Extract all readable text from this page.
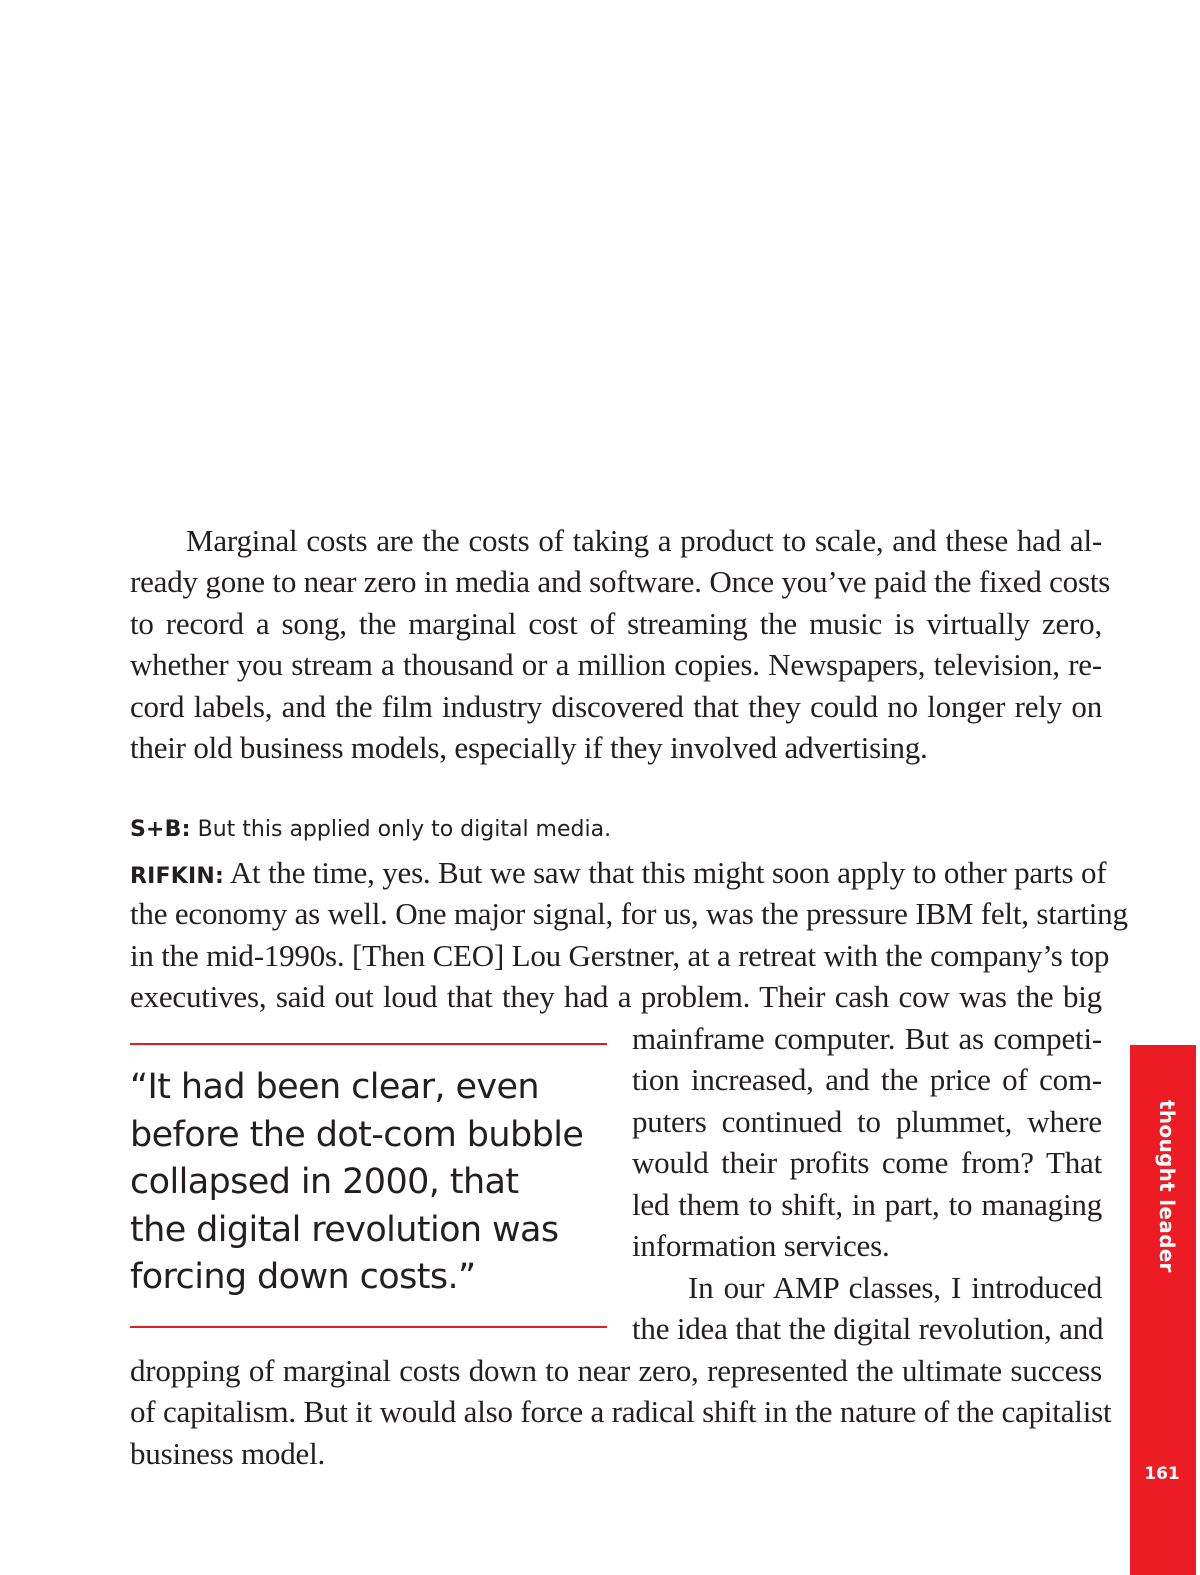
Marginal costs are the costs of taking a product to scale, and these had al-
ready gone to near zero in media and software. Once you’ve paid the fixed costs
to record a song, the marginal cost of streaming the music is virtually zero,
whether you stream a thousand or a million copies. Newspapers, television, re-
cord labels, and the film industry discovered that they could no longer rely on
their old business models, especially if they involved advertising.
S+B: But this applied only to digital media.
RIFKIN: At the time, yes. But we saw that this might soon apply to other parts of
the economy as well. One major signal, for us, was the pressure IBM felt, starting
in the mid-1990s. [Then CEO] Lou Gerstner, at a retreat with the company’s top
executives, said out loud that they had a problem. Their cash cow was the big
mainframe computer. But as competi-
tion increased, and the price of com-
puters continued to plummet, where
would their profits come from? That
led them to shift, in part, to managing
information services.
In our AMP classes, I introduced
the idea that the digital revolution, and
dropping of marginal costs down to near zero, represented the ultimate success
of capitalism. But it would also force a radical shift in the nature of the capitalist
business model.
“It had been clear, even
before the dot-com bubble
collapsed in 2000, that
the digital revolution was
forcing down costs.”
thought leader
161
